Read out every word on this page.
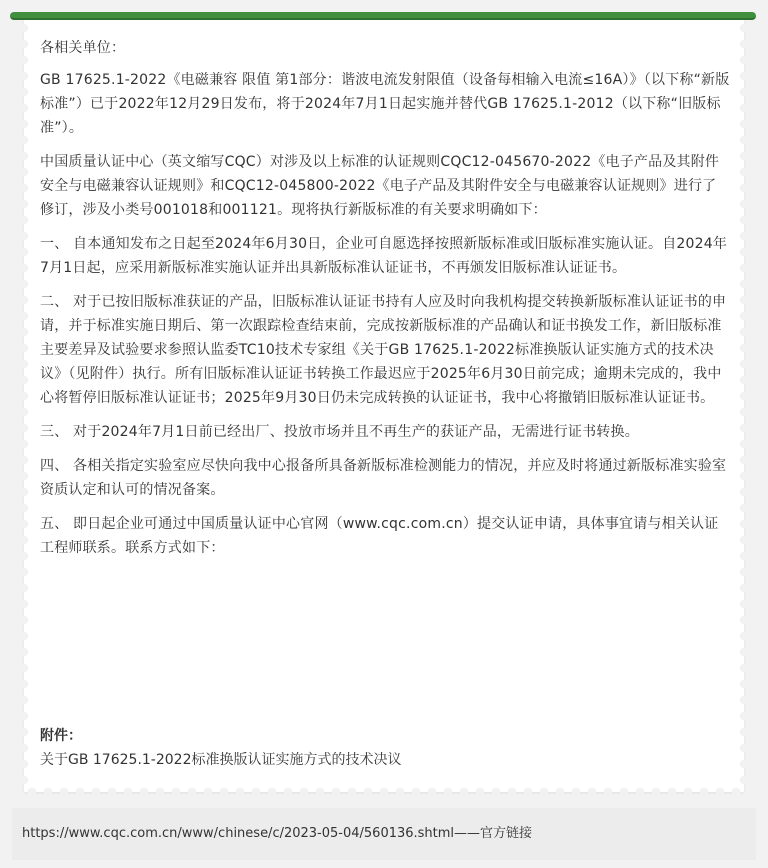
各相关单位：

GB 17625.1-2022《电磁兼容 限值 第1部分：谐波电流发射限值（设备每相输入电流≤16A）》（以下称“新版标准”）已于2022年12月29日发布，将于2024年7月1日起实施并替代GB 17625.1-2012（以下称“旧版标准”）。

中国质量认证中心（英文缩写CQC）对涉及以上标准的认证规则CQC12-045670-2022《电子产品及其附件安全与电磁兼容认证规则》和CQC12-045800-2022《电子产品及其附件安全与电磁兼容认证规则》进行了修订，涉及小类号001018和001121。现将执行新版标准的有关要求明确如下：

一、 自本通知发布之日起至2024年6月30日，企业可自愿选择按照新版标准或旧版标准实施认证。自2024年7月1日起，应采用新版标准实施认证并出具新版标准认证证书，不再颁发旧版标准认证证书。

二、 对于已按旧版标准获证的产品，旧版标准认证证书持有人应及时向我机构提交转换新版标准认证证书的申请，并于标准实施日期后、第一次跟踪检查结束前，完成按新版标准的产品确认和证书换发工作，新旧版标准主要差异及试验要求参照认监委TC10技术专家组《关于GB 17625.1-2022标准换版认证实施方式的技术决议》（见附件）执行。所有旧版标准认证证书转换工作最迟应于2025年6月30日前完成；逾期未完成的，我中心将暂停旧版标准认证证书；2025年9月30日仍未完成转换的认证证书，我中心将撤销旧版标准认证证书。

三、 对于2024年7月1日前已经出厂、投放市场并且不再生产的获证产品，无需进行证书转换。

四、 各相关指定实验室应尽快向我中心报备所具备新版标准检测能力的情况，并应及时将通过新版标准实验室资质认定和认可的情况备案。

五、 即日起企业可通过中国质量认证中心官网（www.cqc.com.cn）提交认证申请，具体事宜请与相关认证工程师联系。联系方式如下：

附件：
关于GB 17625.1-2022标准换版认证实施方式的技术决议
https://www.cqc.com.cn/www/chinese/c/2023-05-04/560136.shtml——官方链接
